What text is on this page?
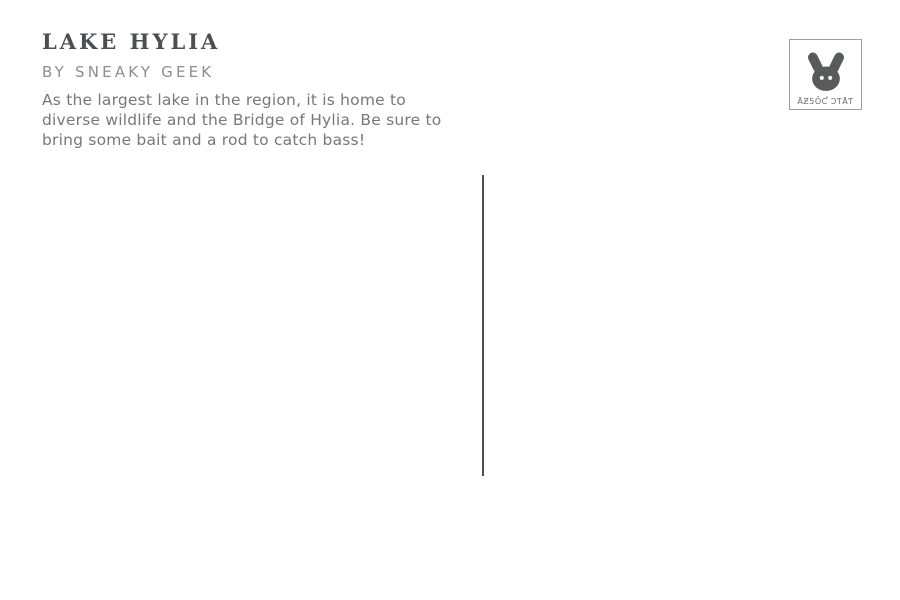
LAKE HYLIA
BY SNEAKY GEEK
As the largest lake in the region, it is home to
diverse wildlife and the Bridge of Hylia. Be sure to
bring some bait and a rod to catch bass!
ĀƵ5ŌƇ ƆƬĀƬ
